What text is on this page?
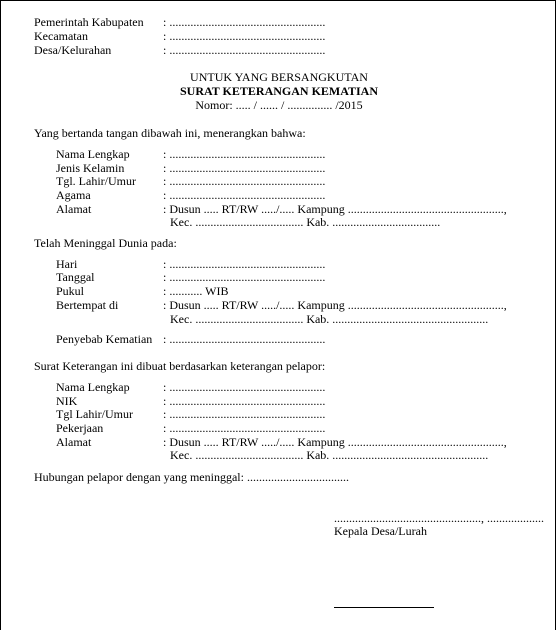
Pemerintah Kabupaten : ....................................................
Kecamatan	: ....................................................
Desa/Kelurahan	: ....................................................
UNTUK YANG BERSANGKUTAN
SURAT KETERANGAN KEMATIAN
Nomor: ..... / ...... / ............... /2015
Yang bertanda tangan dibawah ini, menerangkan bahwa:
Nama Lengkap	: ....................................................
Jenis Kelamin	: ....................................................
Tgl. Lahir/Umur : ....................................................
Agama	: ....................................................
Alamat	: Dusun ..... RT/RW ...../..... Kampung ....................................................,
Kec. .................................... Kab. ....................................
Telah Meninggal Dunia pada:
Hari	: ....................................................
Tanggal	: ....................................................
Pukul	: ........... WIB
Bertempat di	: Dusun ..... RT/RW ...../..... Kampung ....................................................,
Kec. .................................... Kab. ....................................................
Penyebab Kematian : ....................................................
Surat Keterangan ini dibuat berdasarkan keterangan pelapor:
Nama Lengkap	: ....................................................
NIK	: ....................................................
Tgl Lahir/Umur	: ....................................................
Pekerjaan	: ....................................................
Alamat	: Dusun ..... RT/RW ...../..... Kampung ....................................................,
Kec. .................................... Kab. ....................................................
Hubungan pelapor dengan yang meninggal: ..................................
................................................., ...................
Kepala Desa/Lurah
